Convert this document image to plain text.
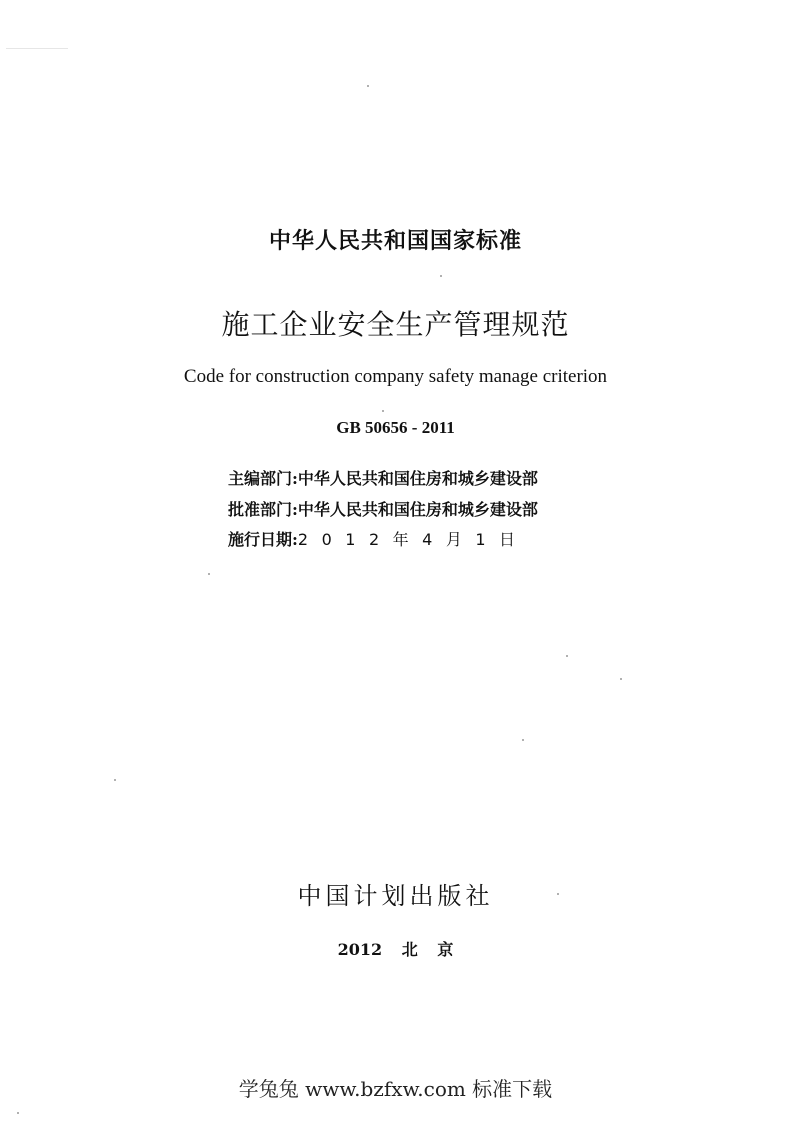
中华人民共和国国家标准
施工企业安全生产管理规范
Code for construction company safety manage criterion
GB 50656 - 2011
主编部门:中华人民共和国住房和城乡建设部
批准部门:中华人民共和国住房和城乡建设部
施行日期:2012年4月1日
中国计划出版社
2012 北 京
学兔兔 www.bzfxw.com 标准下载
